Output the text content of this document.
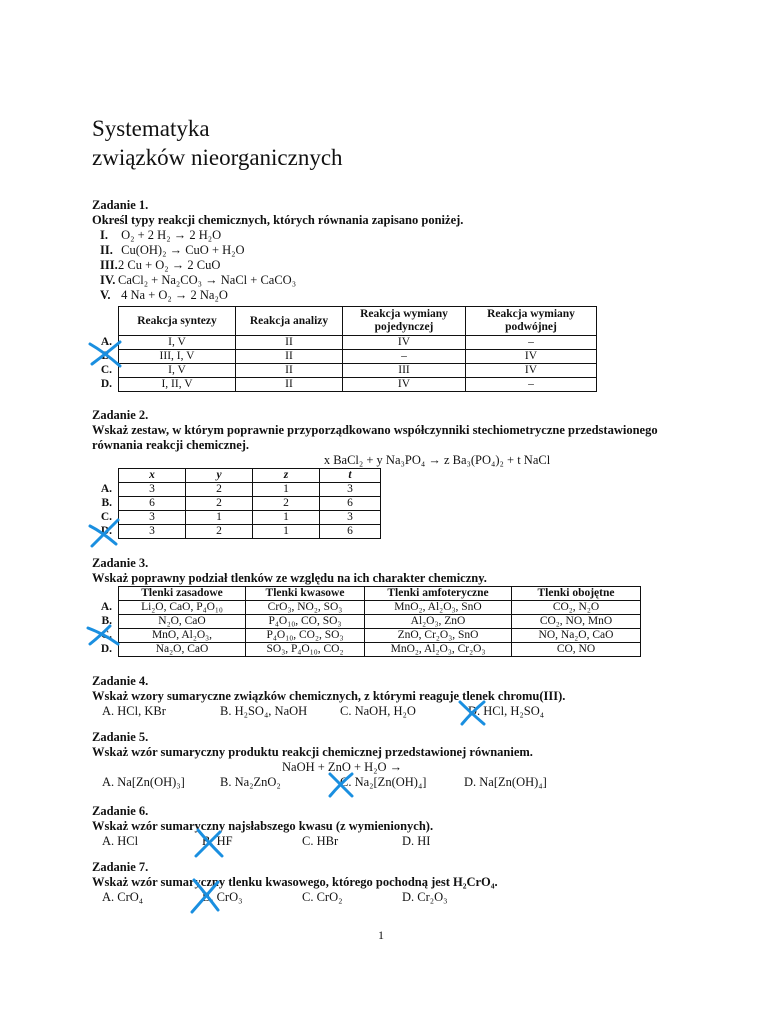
Systematyka
związków nieorganicznych
Zadanie 1.
Określ typy reakcji chemicznych, których równania zapisano poniżej.
I. O₂ + 2 H₂ → 2 H₂O
II. Cu(OH)₂ → CuO + H₂O
III.2 Cu + O₂ → 2 CuO
IV. CaCl₂ + Na₂CO₃ → NaCl + CaCO₃
V. 4 Na + O₂ → 2 Na₂O
	Reakcja syntezy	Reakcja analizy	Reakcja wymiany pojedynczej	Reakcja wymiany podwójnej
A.	I, V	II	IV	–
B.	III, I, V	II	–	IV
C.	I, V	II	III	IV
D.	I, II, V	II	IV	–
Zadanie 2.
Wskaż zestaw, w którym poprawnie przyporządkowano współczynniki stechiometryczne przedstawionego równania reakcji chemicznej.
x BaCl₂ + y Na₃PO₄ → z Ba₃(PO₄)₂ + t NaCl
	x	y	z	t
A.	3	2	1	3
B.	6	2	2	6
C.	3	1	1	3
D.	3	2	1	6
Zadanie 3.
Wskaż poprawny podział tlenków ze względu na ich charakter chemiczny.
	Tlenki zasadowe	Tlenki kwasowe	Tlenki amfoteryczne	Tlenki obojętne
A.	Li₂O, CaO, P₄O₁₀	CrO₃, NO₂, SO₃	MnO₂, Al₂O₃, SnO	CO₂, N₂O
B.	N₂O, CaO	P₄O₁₀, CO, SO₃	Al₂O₃, ZnO	CO₂, NO, MnO
C.	MnO, Al₂O₃,	P₄O₁₀, CO₂, SO₃	ZnO, Cr₂O₃, SnO	NO, Na₂O, CaO
D.	Na₂O, CaO	SO₃, P₄O₁₀, CO₂	MnO₂, Al₂O₃, Cr₂O₃	CO, NO
Zadanie 4.
Wskaż wzory sumaryczne związków chemicznych, z którymi reaguje tlenek chromu(III).
A. HCl, KBr	B. H₂SO₄, NaOH	C. NaOH, H₂O	D. HCl, H₂SO₄
Zadanie 5.
Wskaż wzór sumaryczny produktu reakcji chemicznej przedstawionej równaniem.
NaOH + ZnO + H₂O →
A. Na[Zn(OH)₃]	B. Na₂ZnO₂	C. Na₂[Zn(OH)₄]	D. Na[Zn(OH)₄]
Zadanie 6.
Wskaż wzór sumaryczny najsłabszego kwasu (z wymienionych).
A. HCl	B. HF	C. HBr	D. HI
Zadanie 7.
Wskaż wzór sumaryczny tlenku kwasowego, którego pochodną jest H₂CrO₄.
A. CrO₄	B. CrO₃	C. CrO₂	D. Cr₂O₃
1
